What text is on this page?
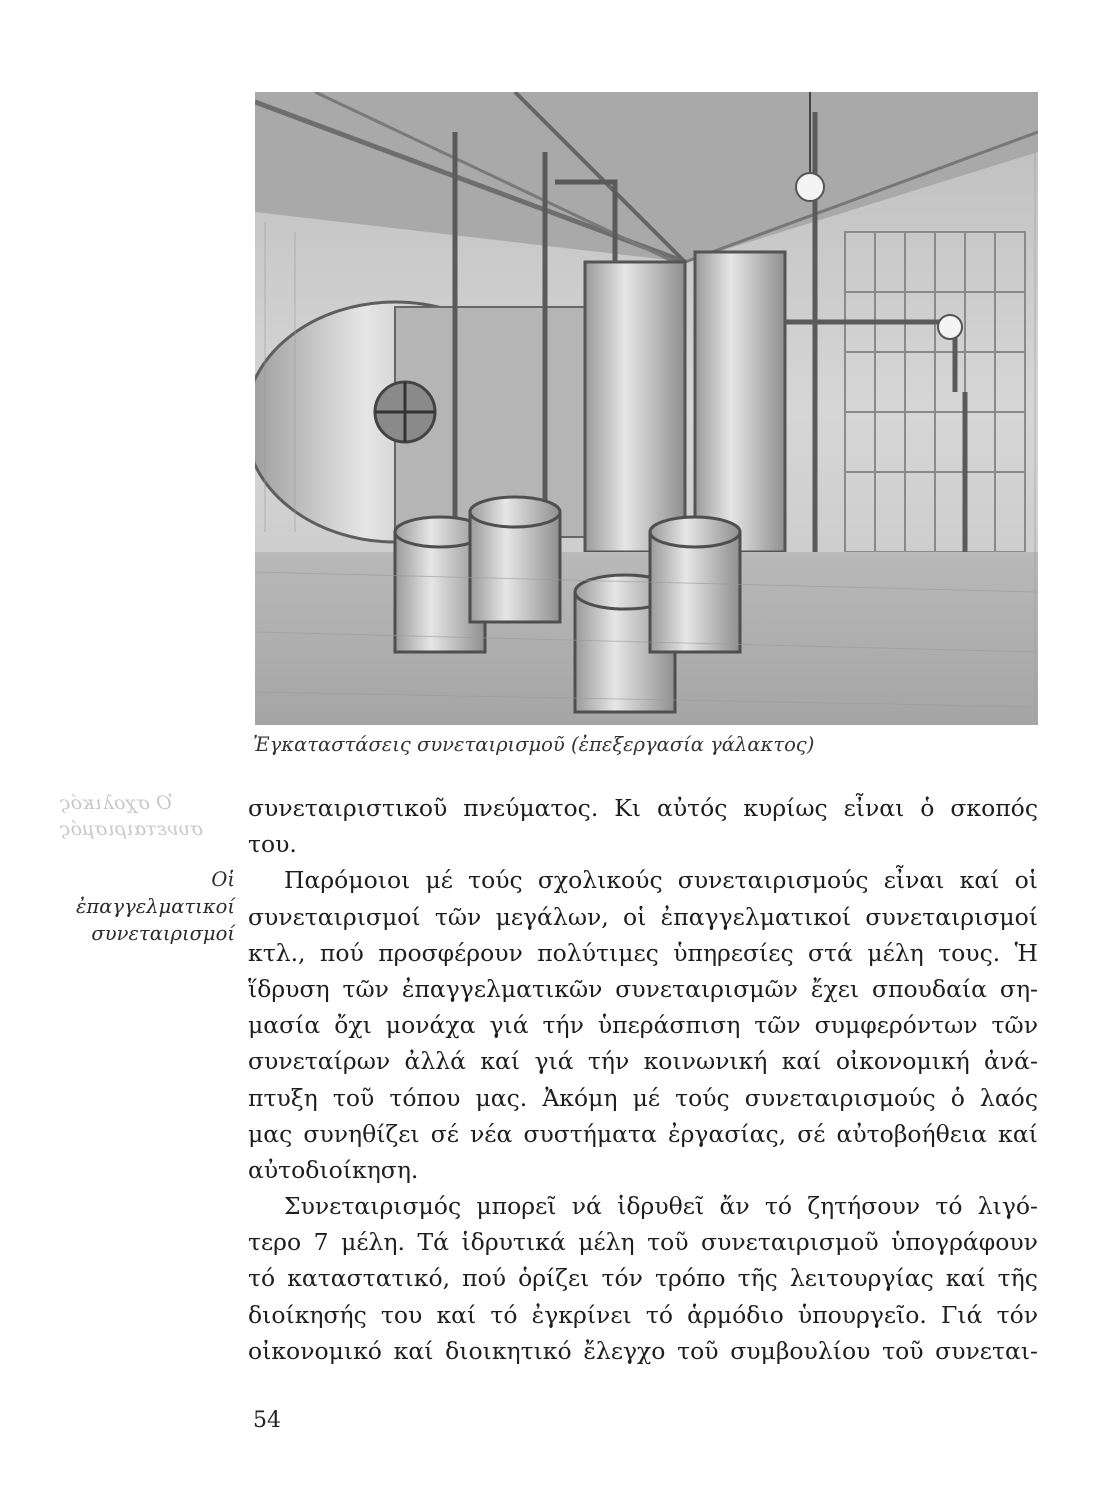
Ἐγκαταστάσεις συνεταιρισμοῦ (ἐπεξεργασία γάλακτος)
Ὁ σχολικός
συνεταιρισμός
Οἱ
ἐπαγγελματικοί
συνεταιρισμοί
συνεταιριστικοῦ πνεύματος. Κι αὐτός κυρίως εἶναι ὁ σκοπός
του.
Παρόμοιοι μέ τούς σχολικούς συνεταιρισμούς εἶναι καί οἱ
συνεταιρισμοί τῶν μεγάλων, οἱ ἐπαγγελματικοί συνεταιρισμοί
κτλ., πού προσφέρουν πολύτιμες ὑπηρεσίες στά μέλη τους. Ἡ
ἵδρυση τῶν ἐπαγγελματικῶν συνεταιρισμῶν ἔχει σπουδαία ση-
μασία ὄχι μονάχα γιά τήν ὑπεράσπιση τῶν συμφερόντων τῶν
συνεταίρων ἀλλά καί γιά τήν κοινωνική καί οἰκονομική ἀνά-
πτυξη τοῦ τόπου μας. Ἀκόμη μέ τούς συνεταιρισμούς ὁ λαός
μας συνηθίζει σέ νέα συστήματα ἐργασίας, σέ αὐτοβοήθεια καί
αὐτοδιοίκηση.
Συνεταιρισμός μπορεῖ νά ἱδρυθεῖ ἄν τό ζητήσουν τό λιγό-
τερο 7 μέλη. Τά ἱδρυτικά μέλη τοῦ συνεταιρισμοῦ ὑπογράφουν
τό καταστατικό, πού ὁρίζει τόν τρόπο τῆς λειτουργίας καί τῆς
διοίκησής του καί τό ἐγκρίνει τό ἁρμόδιο ὑπουργεῖο. Γιά τόν
οἰκονομικό καί διοικητικό ἔλεγχο τοῦ συμβουλίου τοῦ συνεται-
54
